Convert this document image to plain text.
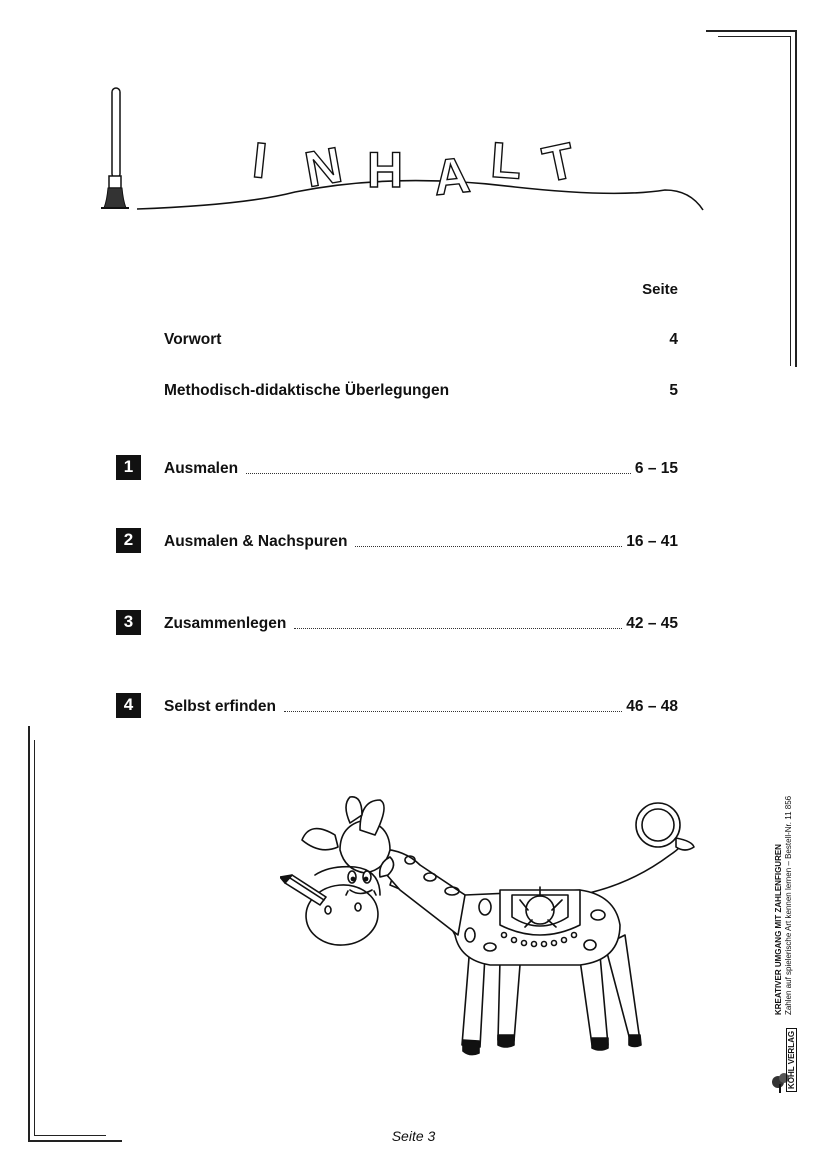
I N H A L T
Seite
Vorwort	4
Methodisch-didaktische Überlegungen	5
1	Ausmalen	6 – 15
2	Ausmalen & Nachspuren	16 – 41
3	Zusammenlegen	42 – 45
4	Selbst erfinden	46 – 48
KREATIVER UMGANG MIT ZAHLENFIGUREN Zahlen auf spielerische Art kennen lernen – Bestell-Nr. 11 856
KOHL VERLAG
Seite 3
